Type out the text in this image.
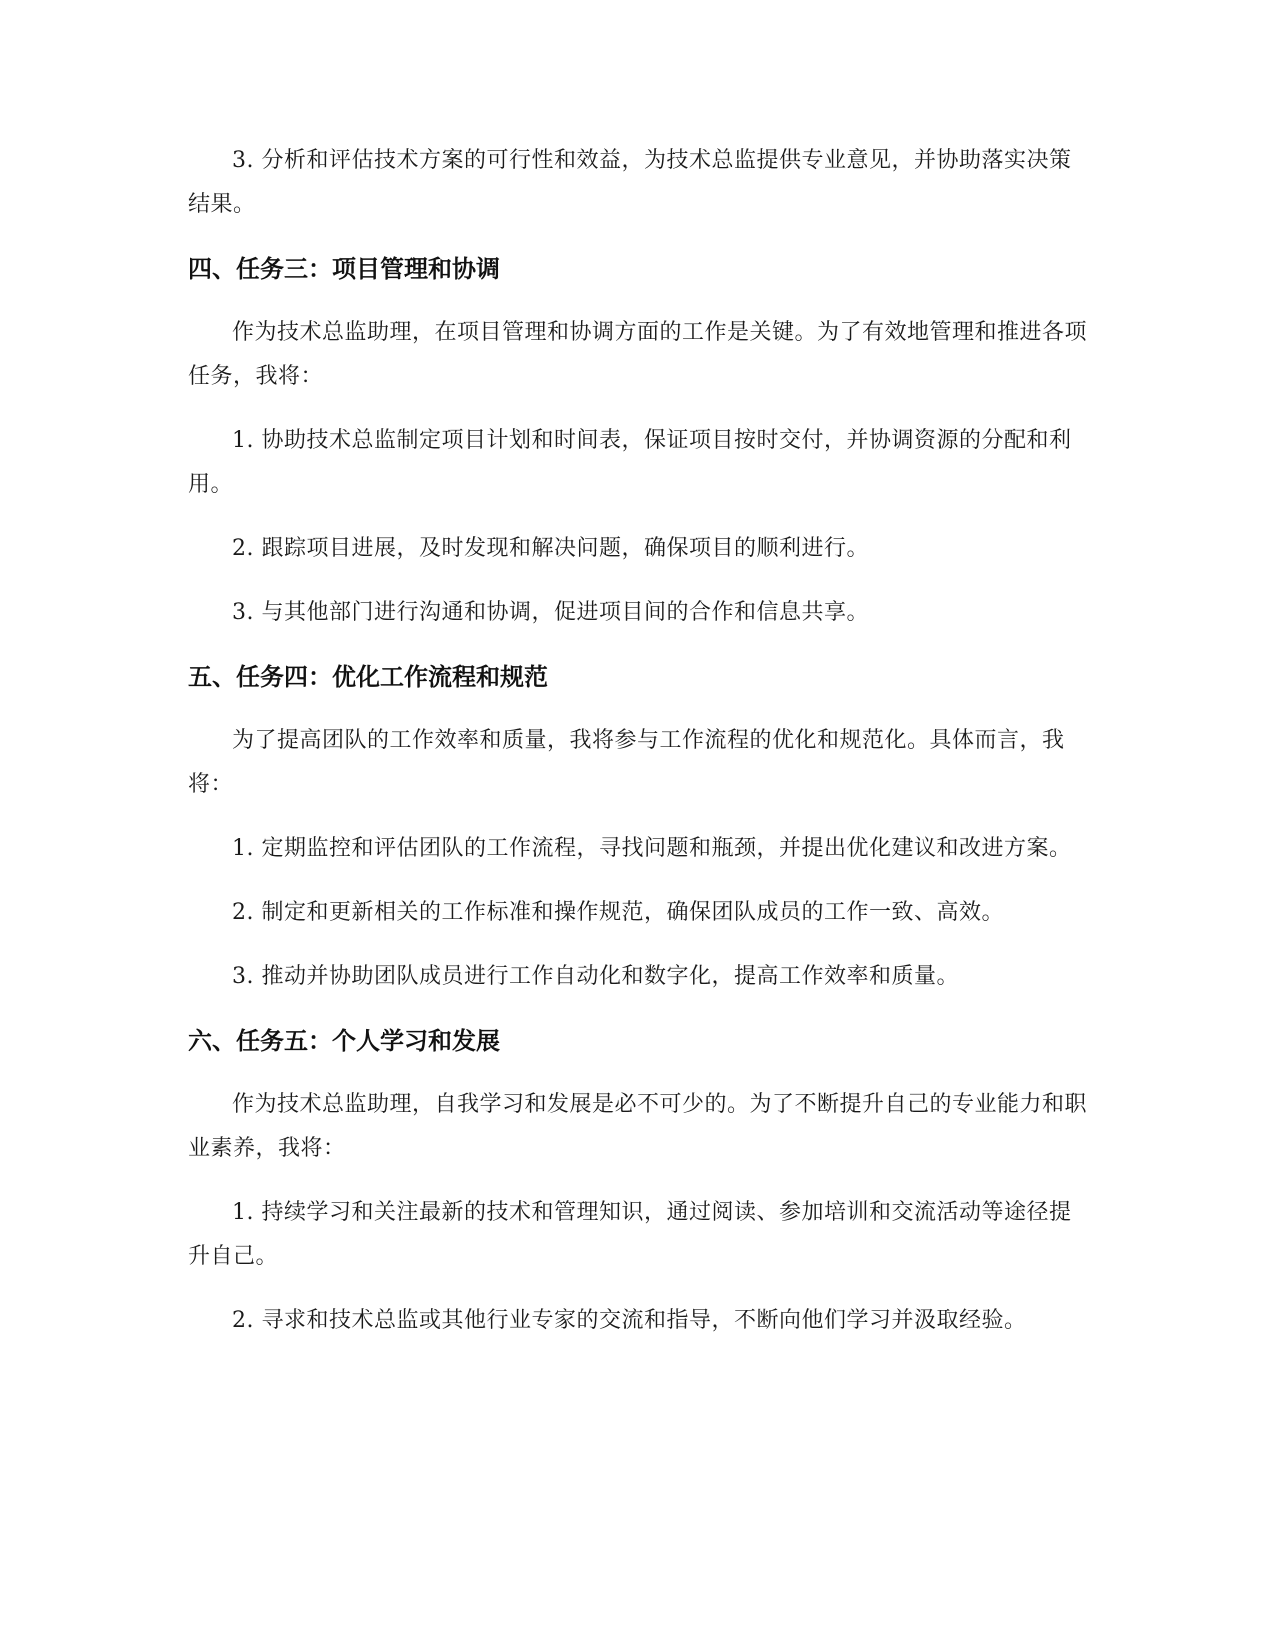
3. 分析和评估技术方案的可行性和效益，为技术总监提供专业意见，并协助落实决策结果。

四、任务三：项目管理和协调

作为技术总监助理，在项目管理和协调方面的工作是关键。为了有效地管理和推进各项任务，我将：

1. 协助技术总监制定项目计划和时间表，保证项目按时交付，并协调资源的分配和利用。

2. 跟踪项目进展，及时发现和解决问题，确保项目的顺利进行。

3. 与其他部门进行沟通和协调，促进项目间的合作和信息共享。

五、任务四：优化工作流程和规范

为了提高团队的工作效率和质量，我将参与工作流程的优化和规范化。具体而言，我将：

1. 定期监控和评估团队的工作流程，寻找问题和瓶颈，并提出优化建议和改进方案。

2. 制定和更新相关的工作标准和操作规范，确保团队成员的工作一致、高效。

3. 推动并协助团队成员进行工作自动化和数字化，提高工作效率和质量。

六、任务五：个人学习和发展

作为技术总监助理，自我学习和发展是必不可少的。为了不断提升自己的专业能力和职业素养，我将：

1. 持续学习和关注最新的技术和管理知识，通过阅读、参加培训和交流活动等途径提升自己。

2. 寻求和技术总监或其他行业专家的交流和指导，不断向他们学习并汲取经验。
